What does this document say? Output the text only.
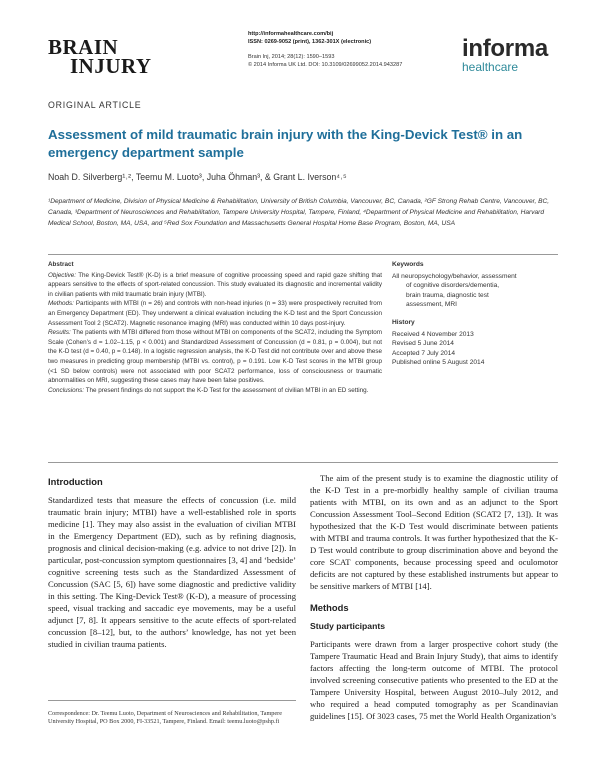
BRAIN
INJURY
http://informahealthcare.com/bij
ISSN: 0269-9052 (print), 1362-301X (electronic)
Brain Inj, 2014; 28(12): 1590–1593
© 2014 Informa UK Ltd. DOI: 10.3109/02699052.2014.943287
informa
healthcare
ORIGINAL ARTICLE
Assessment of mild traumatic brain injury with the King-Devick Test® in an emergency department sample
Noah D. Silverberg¹˒², Teemu M. Luoto³, Juha Öhman³, & Grant L. Iverson⁴˒⁵
¹Department of Medicine, Division of Physical Medicine & Rehabilitation, University of British Columbia, Vancouver, BC, Canada, ²GF Strong Rehab Centre, Vancouver, BC, Canada, ³Department of Neurosciences and Rehabilitation, Tampere University Hospital, Tampere, Finland, ⁴Department of Physical Medicine and Rehabilitation, Harvard Medical School, Boston, MA, USA, and ⁵Red Sox Foundation and Massachusetts General Hospital Home Base Program, Boston, MA, USA
Abstract

Objective: The King-Devick Test® (K-D) is a brief measure of cognitive processing speed and rapid gaze shifting that appears sensitive to the effects of sport-related concussion. This study evaluated its diagnostic and incremental validity in civilian patients with mild traumatic brain injury (MTBI).

Methods: Participants with MTBI (n = 26) and controls with non-head injuries (n = 33) were prospectively recruited from an Emergency Department (ED). They underwent a clinical evaluation including the K-D test and the Sport Concussion Assessment Tool 2 (SCAT2). Magnetic resonance imaging (MRI) was conducted within 10 days post-injury.

Results: The patients with MTBI differed from those without MTBI on components of the SCAT2, including the Symptom Scale (Cohen’s d = 1.02–1.15, p < 0.001) and Standardized Assessment of Concussion (d = 0.81, p = 0.004), but not the K-D test (d = 0.40, p = 0.148). In a logistic regression analysis, the K-D Test did not contribute over and above these two measures in predicting group membership (MTBI vs. control), p = 0.191. Low K-D Test scores in the MTBI group (<1 SD below controls) were not associated with poor SCAT2 performance, loss of consciousness or traumatic abnormalities on MRI, suggesting these cases may have been false positives.

Conclusions: The present findings do not support the K-D Test for the assessment of civilian MTBI in an ED setting.

Keywords
All neuropsychology/behavior, assessment
of cognitive disorders/dementia,
brain trauma, diagnostic test
assessment, MRI
History
Received 4 November 2013
Revised 5 June 2014
Accepted 7 July 2014
Published online 5 August 2014
Introduction

Standardized tests that measure the effects of concussion (i.e. mild traumatic brain injury; MTBI) have a well-established role in sports medicine [1]. They may also assist in the evaluation of civilian MTBI in the Emergency Department (ED), such as by refining diagnosis, prognosis and clinical decision-making (e.g. advice to not drive [2]). In particular, post-concussion symptom questionnaires [3, 4] and ‘bedside’ cognitive screening tests such as the Standardized Assessment of Concussion (SAC [5, 6]) have some diagnostic and predictive validity in this setting. The King-Devick Test® (K-D), a measure of processing speed, visual tracking and saccadic eye movements, may be a useful adjunct [7, 8]. It appears sensitive to the acute effects of sport-related concussion [8–12], but, to the authors’ knowledge, has not yet been studied in civilian trauma patients.

The aim of the present study is to examine the diagnostic utility of the K-D Test in a pre-morbidly healthy sample of civilian trauma patients with MTBI, on its own and as an adjunct to the Sport Concussion Assessment Tool–Second Edition (SCAT2 [7, 13]). It was hypothesized that the K-D Test would discriminate between patients with MTBI and trauma controls. It was further hypothesized that the K-D Test would contribute to group discrimination above and beyond the core SCAT components, because processing speed and oculomotor deficits are not captured by these established instruments but appear to be sensitive markers of MTBI [14].

Methods
Study participants

Participants were drawn from a larger prospective cohort study (the Tampere Traumatic Head and Brain Injury Study), that aims to identify factors affecting the long-term outcome of MTBI. The protocol involved screening consecutive patients who presented to the ED at the Tampere University Hospital, between August 2010–July 2012, and who required a head computed tomography as per Scandinavian guidelines [15]. Of 3023 cases, 75 met the World Health Organization’s

Correspondence: Dr. Teemu Luoto, Department of Neurosciences and Rehabilitation, Tampere University Hospital, PO Box 2000, FI-33521, Tampere, Finland. Email: teemu.luoto@pshp.fi
